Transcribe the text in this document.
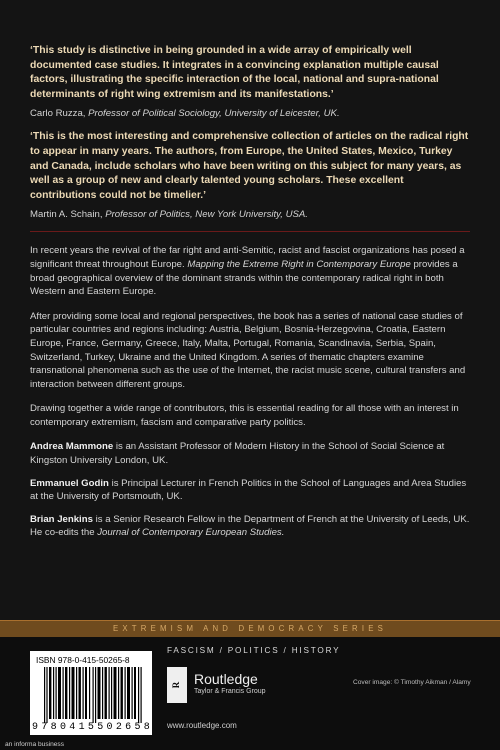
‘This study is distinctive in being grounded in a wide array of empirically well documented case studies. It integrates in a convincing explanation multiple causal factors, illustrating the specific interaction of the local, national and supra-national determinants of right wing extremism and its manifestations.’

Carlo Ruzza, Professor of Political Sociology, University of Leicester, UK.

‘This is the most interesting and comprehensive collection of articles on the radical right to appear in many years. The authors, from Europe, the United States, Mexico, Turkey and Canada, include scholars who have been writing on this subject for many years, as well as a group of new and clearly talented young scholars. These excellent contributions could not be timelier.’

Martin A. Schain, Professor of Politics, New York University, USA.

In recent years the revival of the far right and anti-Semitic, racist and fascist organizations has posed a significant threat throughout Europe. Mapping the Extreme Right in Contemporary Europe provides a broad geographical overview of the dominant strands within the contemporary radical right in both Western and Eastern Europe.

After providing some local and regional perspectives, the book has a series of national case studies of particular countries and regions including: Austria, Belgium, Bosnia-Herzegovina, Croatia, Eastern Europe, France, Germany, Greece, Italy, Malta, Portugal, Romania, Scandinavia, Serbia, Spain, Switzerland, Turkey, Ukraine and the United Kingdom. A series of thematic chapters examine transnational phenomena such as the use of the Internet, the racist music scene, cultural transfers and interaction between different groups.

Drawing together a wide range of contributors, this is essential reading for all those with an interest in contemporary extremism, fascism and comparative party politics.

Andrea Mammone is an Assistant Professor of Modern History in the School of Social Science at Kingston University London, UK.

Emmanuel Godin is Principal Lecturer in French Politics in the School of Languages and Area Studies at the University of Portsmouth, UK.

Brian Jenkins is a Senior Research Fellow in the Department of French at the University of Leeds, UK. He co-edits the Journal of Contemporary European Studies.

EXTREMISM AND DEMOCRACY SERIES
ISBN 978-0-415-50265-8
9 7 8 0 4 1 5 5 0 2 6 5 8
FASCISM / POLITICS / HISTORY
R Routledge
Taylor & Francis Group
Cover image: © Timothy Aikman / Alamy
www.routledge.com
an informa business
